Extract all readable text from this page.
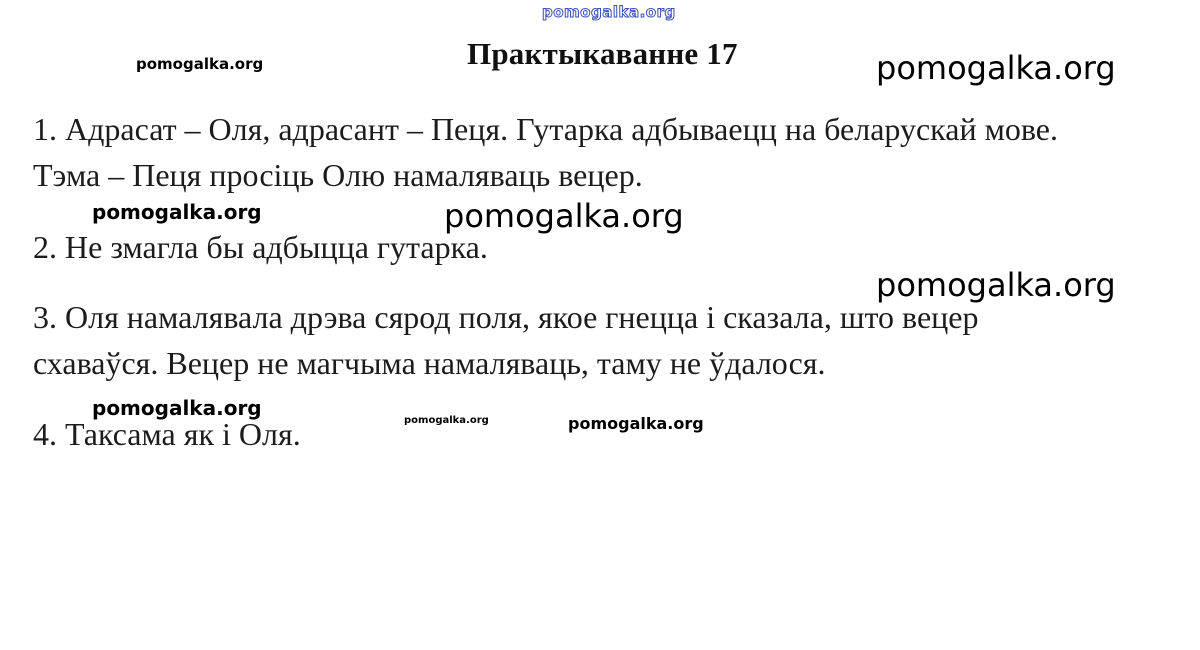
pomogalka.org
pomogalka.org	Практыкаванне 17	pomogalka.org
1. Адрасат – Оля, адрасант – Пеця. Гутарка адбываецц на беларускай мове.
Тэма – Пеця просіць Олю намаляваць вецер.
2. Не змагла бы адбыцца гутарка.
3. Оля намалявала дрэва сярод поля, якое гнецца і сказала, што вецер
схаваўся. Вецер не магчыма намаляваць, таму не ўдалося.
4. Таксама як і Оля.
pomogalka.org	pomogalka.org
pomogalka.org
pomogalka.org
pomogalka.org	pomogalka.org
